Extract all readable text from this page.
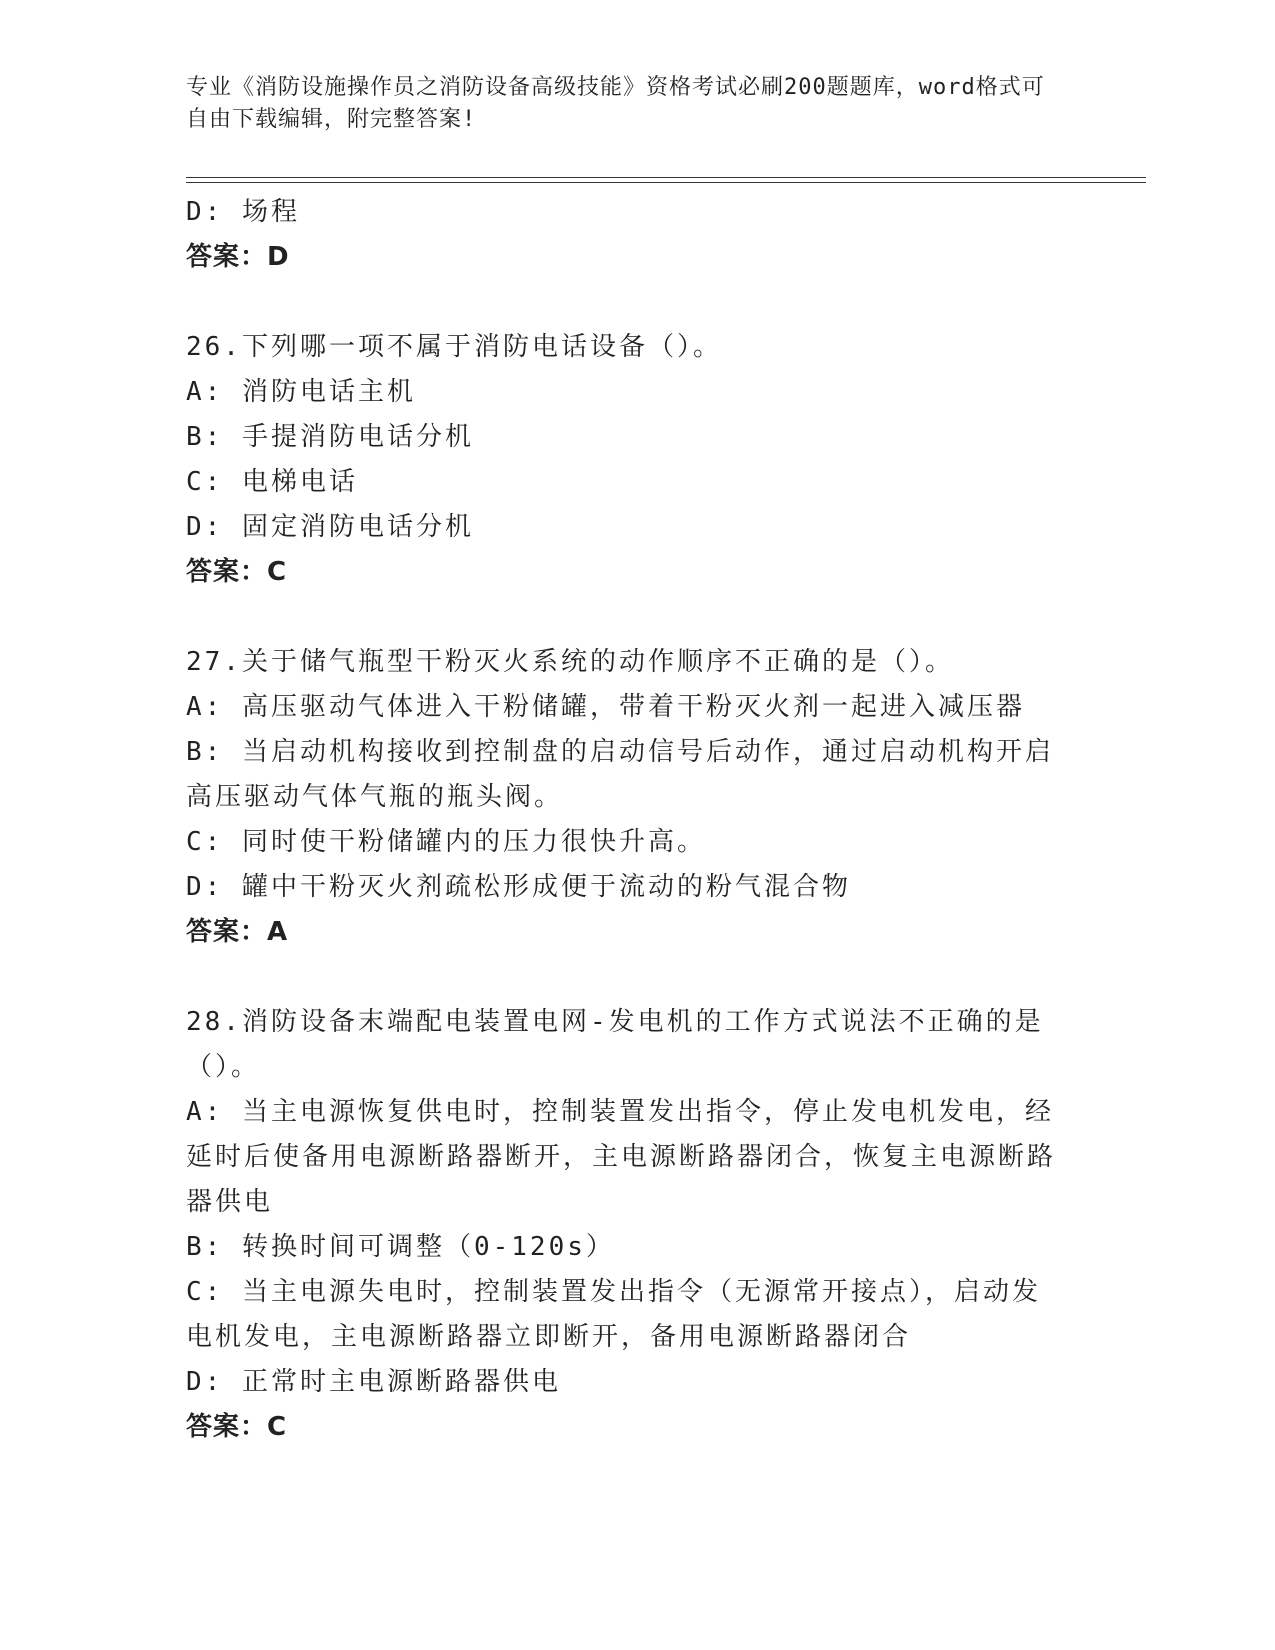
专业《消防设施操作员之消防设备高级技能》资格考试必刷200题题库，word格式可自由下载编辑，附完整答案!
D: 场程
答案：D
26.下列哪一项不属于消防电话设备（）。
A: 消防电话主机
B: 手提消防电话分机
C: 电梯电话
D: 固定消防电话分机
答案：C
27.关于储气瓶型干粉灭火系统的动作顺序不正确的是（）。
A: 高压驱动气体进入干粉储罐，带着干粉灭火剂一起进入减压器
B: 当启动机构接收到控制盘的启动信号后动作，通过启动机构开启高压驱动气体气瓶的瓶头阀。
C: 同时使干粉储罐内的压力很快升高。
D: 罐中干粉灭火剂疏松形成便于流动的粉气混合物
答案：A
28.消防设备末端配电装置电网-发电机的工作方式说法不正确的是（）。
A: 当主电源恢复供电时，控制装置发出指令，停止发电机发电，经延时后使备用电源断路器断开，主电源断路器闭合，恢复主电源断路器供电
B: 转换时间可调整（0-120s）
C: 当主电源失电时，控制装置发出指令（无源常开接点），启动发电机发电，主电源断路器立即断开，备用电源断路器闭合
D: 正常时主电源断路器供电
答案：C
